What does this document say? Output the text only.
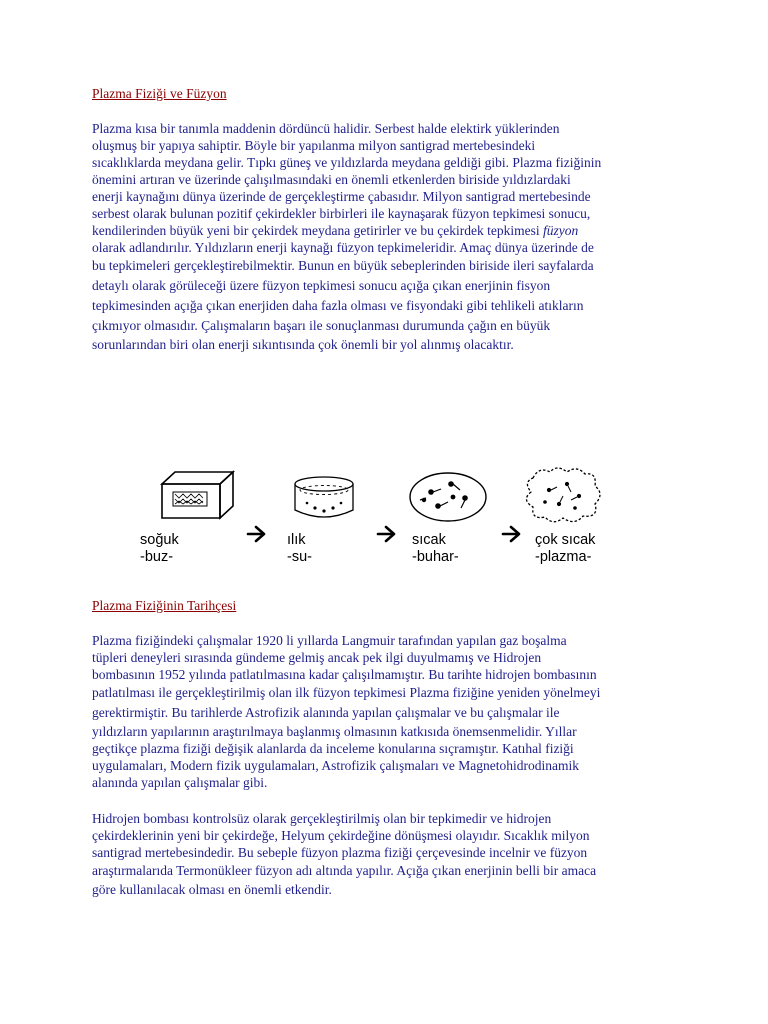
Plazma Fiziği ve Füzyon
Plazma kısa bir tanımla maddenin dördüncü halidir. Serbest halde elektirk yüklerinden
oluşmuş bir yapıya sahiptir. Böyle bir yapılanma milyon santigrad mertebesindeki
sıcaklıklarda meydana gelir. Tıpkı güneş ve yıldızlarda meydana geldiği gibi. Plazma fiziğinin
önemini artıran ve üzerinde çalışılmasındaki en önemli etkenlerden biriside yıldızlardaki
enerji kaynağını dünya üzerinde de gerçekleştirme çabasıdır. Milyon santigrad mertebesinde
serbest olarak bulunan pozitif çekirdekler birbirleri ile kaynaşarak füzyon tepkimesi sonucu,
kendilerinden büyük yeni bir çekirdek meydana getirirler ve bu çekirdek tepkimesi füzyon
olarak adlandırılır. Yıldızların enerji kaynağı füzyon tepkimeleridir. Amaç dünya üzerinde de
bu tepkimeleri gerçekleştirebilmektir. Bunun en büyük sebeplerinden biriside ileri sayfalarda
detaylı olarak görüleceği üzere füzyon tepkimesi sonucu açığa çıkan enerjinin fisyon
tepkimesinden açığa çıkan enerjiden daha fazla olması ve fisyondaki gibi tehlikeli atıkların
çıkmıyor olmasıdır. Çalışmaların başarı ile sonuçlanması durumunda çağın en büyük
sorunlarından biri olan enerji sıkıntısında çok önemli bir yol alınmış olacaktır.
soğuk
-buz-
ılık
-su-
sıcak
-buhar-
çok sıcak
-plazma-
Plazma Fiziğinin Tarihçesi
Plazma fiziğindeki çalışmalar 1920 li yıllarda Langmuir tarafından yapılan gaz boşalma
tüpleri deneyleri sırasında gündeme gelmiş ancak pek ilgi duyulmamış ve Hidrojen
bombasının 1952 yılında patlatılmasına kadar çalışılmamıştır. Bu tarihte hidrojen bombasının
patlatılması ile gerçekleştirilmiş olan ilk füzyon tepkimesi Plazma fiziğine yeniden yönelmeyi
gerektirmiştir. Bu tarihlerde Astrofizik alanında yapılan çalışmalar ve bu çalışmalar ile
yıldızların yapılarının araştırılmaya başlanmış olmasının katkısıda önemsenmelidir. Yıllar
geçtikçe plazma fiziği değişik alanlarda da inceleme konularına sıçramıştır. Katıhal fiziği
uygulamaları, Modern fizik uygulamaları, Astrofizik çalışmaları ve Magnetohidrodinamik
alanında yapılan çalışmalar gibi.
Hidrojen bombası kontrolsüz olarak gerçekleştirilmiş olan bir tepkimedir ve hidrojen
çekirdeklerinin yeni bir çekirdeğe, Helyum çekirdeğine dönüşmesi olayıdır. Sıcaklık milyon
santigrad mertebesindedir. Bu sebeple füzyon plazma fiziği çerçevesinde incelnir ve füzyon
araştırmalarıda Termonükleer füzyon adı altında yapılır. Açığa çıkan enerjinin belli bir amaca
göre kullanılacak olması en önemli etkendir.
